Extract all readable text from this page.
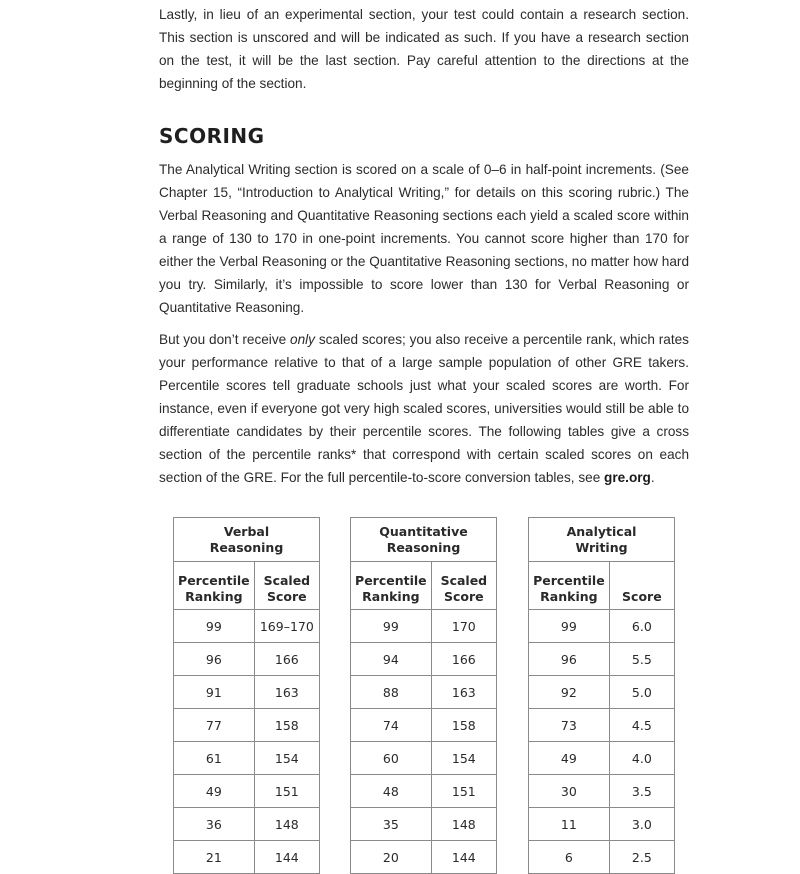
Lastly, in lieu of an experimental section, your test could contain a research section. This section is unscored and will be indicated as such. If you have a research section on the test, it will be the last section. Pay careful attention to the directions at the beginning of the section.

SCORING

The Analytical Writing section is scored on a scale of 0–6 in half-point increments. (See Chapter 15, “Introduction to Analytical Writing,” for details on this scoring rubric.) The Verbal Reasoning and Quantitative Reasoning sections each yield a scaled score within a range of 130 to 170 in one-point increments. You cannot score higher than 170 for either the Verbal Reasoning or the Quantitative Reasoning sections, no matter how hard you try. Similarly, it’s impossible to score lower than 130 for Verbal Reasoning or Quantitative Reasoning.

But you don’t receive only scaled scores; you also receive a percentile rank, which rates your performance relative to that of a large sample population of other GRE takers. Percentile scores tell graduate schools just what your scaled scores are worth. For instance, even if everyone got very high scaled scores, universities would still be able to differentiate candidates by their percentile scores. The following tables give a cross section of the percentile ranks* that correspond with certain scaled scores on each section of the GRE. For the full percentile-to-score conversion tables, see gre.org.

Verbal
Reasoning	
Percentile
Ranking	Scaled
Score
99	169–170
96	166
91	163
77	158
61	154
49	151
36	148
21	144
Quantitative
Reasoning	
Percentile
Ranking	Scaled
Score
99	170
94	166
88	163
74	158
60	154
48	151
35	148
20	144
Analytical
Writing	
Percentile
Ranking	Score
99	6.0
96	5.5
92	5.0
73	4.5
49	4.0
30	3.5
11	3.0
6	2.5
